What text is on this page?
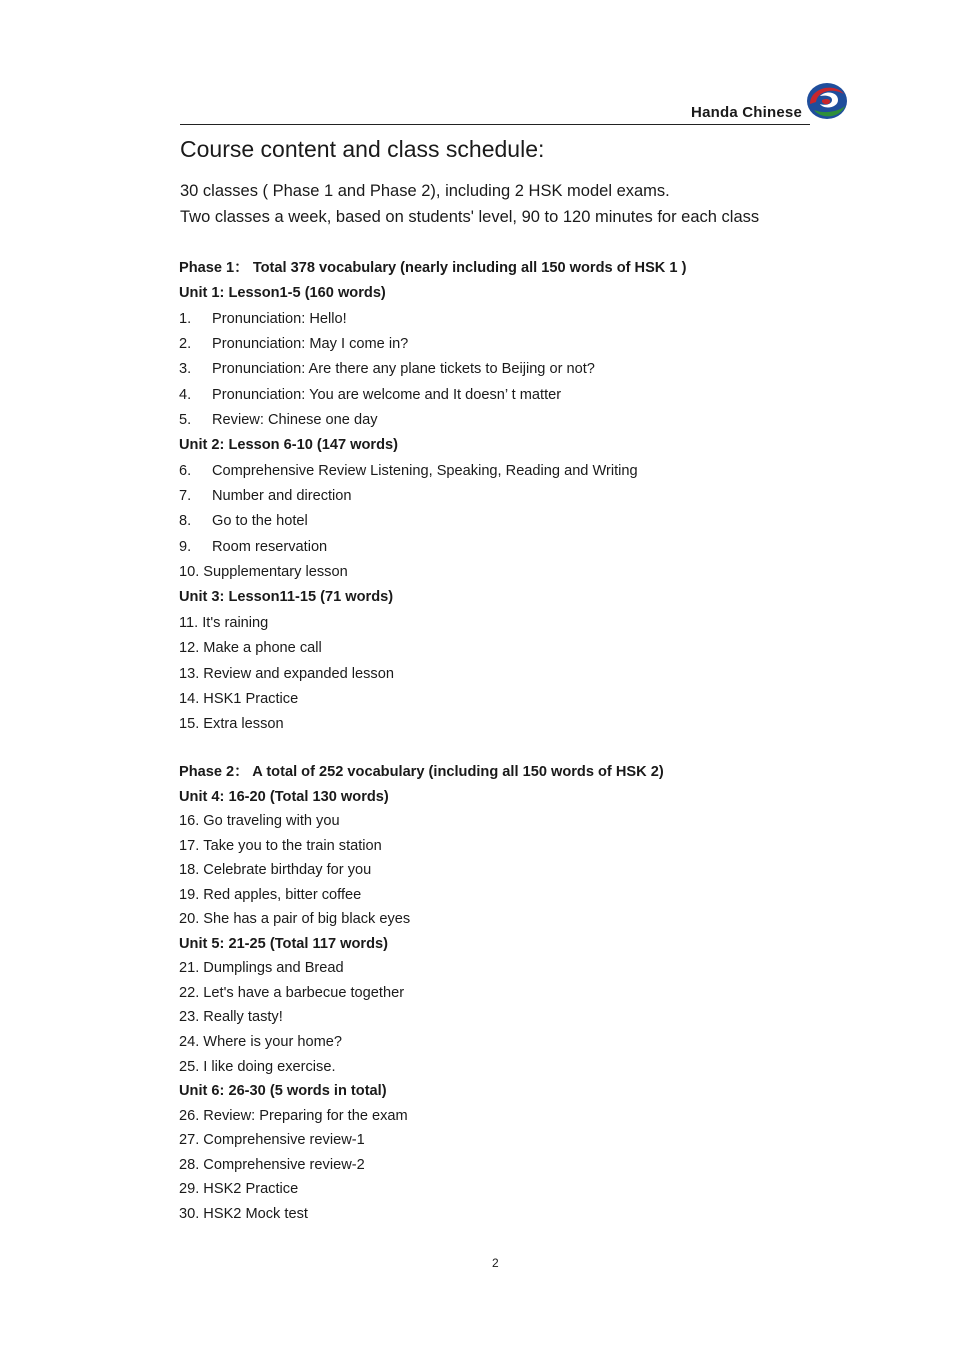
Handa Chinese
Course content and class schedule:
30 classes ( Phase 1 and Phase 2), including 2 HSK model exams.
Two classes a week, based on students' level, 90 to 120 minutes for each class
Phase 1： Total 378 vocabulary (nearly including all 150 words of HSK 1 )
Unit 1: Lesson1-5 (160 words)
1. Pronunciation: Hello!
2. Pronunciation: May I come in?
3. Pronunciation: Are there any plane tickets to Beijing or not?
4. Pronunciation: You are welcome and It doesn’ t matter
5. Review: Chinese one day
Unit 2: Lesson 6-10 (147 words)
6. Comprehensive Review Listening, Speaking, Reading and Writing
7. Number and direction
8. Go to the hotel
9. Room reservation
10. Supplementary lesson
Unit 3: Lesson11-15 (71 words)
11. It's raining
12. Make a phone call
13. Review and expanded lesson
14. HSK1 Practice
15. Extra lesson
Phase 2： A total of 252 vocabulary (including all 150 words of HSK 2)
Unit 4: 16-20 (Total 130 words)
16. Go traveling with you
17. Take you to the train station
18. Celebrate birthday for you
19. Red apples, bitter coffee
20. She has a pair of big black eyes
Unit 5: 21-25 (Total 117 words)
21. Dumplings and Bread
22. Let's have a barbecue together
23. Really tasty!
24. Where is your home?
25. I like doing exercise.
Unit 6: 26-30 (5 words in total)
26. Review: Preparing for the exam
27. Comprehensive review-1
28. Comprehensive review-2
29. HSK2 Practice
30. HSK2 Mock test
2
